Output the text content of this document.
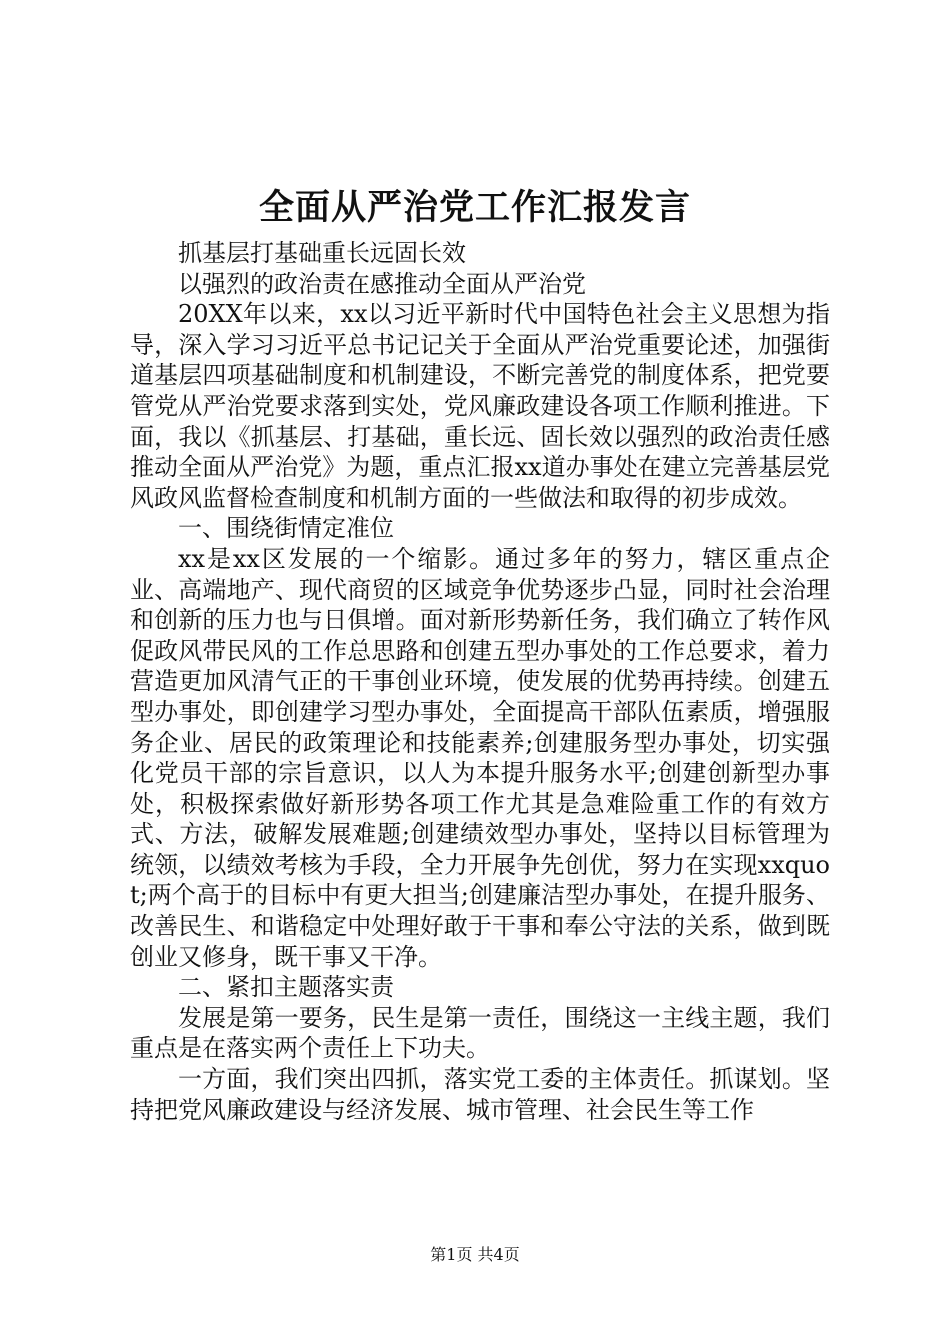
全面从严治党工作汇报发言

抓基层打基础重长远固长效

以强烈的政治责在感推动全面从严治党

20XX年以来，xx以习近平新时代中国特色社会主义思想为指导，深入学习习近平总书记记关于全面从严治党重要论述，加强街道基层四项基础制度和机制建设，不断完善党的制度体系，把党要管党从严治党要求落到实处，党风廉政建设各项工作顺利推进。下面，我以《抓基层、打基础，重长远、固长效以强烈的政治责任感推动全面从严治党》为题，重点汇报xx道办事处在建立完善基层党风政风监督检查制度和机制方面的一些做法和取得的初步成效。

一、围绕街情定准位

xx是xx区发展的一个缩影。通过多年的努力，辖区重点企业、高端地产、现代商贸的区域竞争优势逐步凸显，同时社会治理和创新的压力也与日俱增。面对新形势新任务，我们确立了转作风促政风带民风的工作总思路和创建五型办事处的工作总要求，着力营造更加风清气正的干事创业环境，使发展的优势再持续。创建五型办事处，即创建学习型办事处，全面提高干部队伍素质，增强服务企业、居民的政策理论和技能素养;创建服务型办事处，切实强化党员干部的宗旨意识，以人为本提升服务水平;创建创新型办事处，积极探索做好新形势各项工作尤其是急难险重工作的有效方式、方法，破解发展难题;创建绩效型办事处，坚持以目标管理为统领，以绩效考核为手段，全力开展争先创优，努力在实现xxquot;两个高于的目标中有更大担当;创建廉洁型办事处，在提升服务、改善民生、和谐稳定中处理好敢于干事和奉公守法的关系，做到既创业又修身，既干事又干净。

二、紧扣主题落实责

发展是第一要务，民生是第一责任，围绕这一主线主题，我们重点是在落实两个责任上下功夫。

一方面，我们突出四抓，落实党工委的主体责任。抓谋划。坚持把党风廉政建设与经济发展、城市管理、社会民生等工作

第1页 共4页
